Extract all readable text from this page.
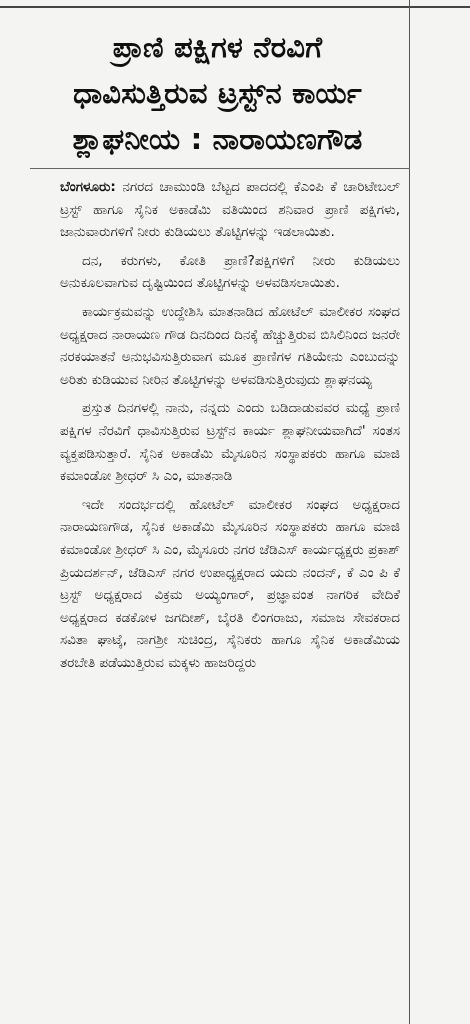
ಪ್ರಾಣಿ ಪಕ್ಷಿಗಳ ನೆರವಿಗೆ
ಧಾವಿಸುತ್ತಿರುವ ಟ್ರಸ್ಟ್‌ನ ಕಾರ್ಯ
ಶ್ಲಾಘನೀಯ : ನಾರಾಯಣಗೌಡ

ಬೆಂಗಳೂರು: ನಗರದ ಚಾಮುಂಡಿ ಬೆಟ್ಟದ ಪಾದದಲ್ಲಿ ಕೆಎಂಪಿ ಕೆ ಚಾರಿಟೇಬಲ್ ಟ್ರಸ್ಟ್ ಹಾಗೂ ಸೈನಿಕ ಅಕಾಡೆಮಿ ವತಿಯಿಂದ ಶನಿವಾರ ಪ್ರಾಣಿ ಪಕ್ಷಿಗಳು, ಜಾನುವಾರುಗಳಿಗೆ ನೀರು ಕುಡಿಯಲು ತೊಟ್ಟಿಗಳನ್ನು ಇಡಲಾಯಿತು.

ದನ, ಕರುಗಳು, ಕೋತಿ ಪ್ರಾಣಿ?ಪಕ್ಷಿಗಳಿಗೆ ನೀರು ಕುಡಿಯಲು ಅನುಕೂಲವಾಗುವ ದೃಷ್ಟಿಯಿಂದ ತೊಟ್ಟಿಗಳನ್ನು ಅಳವಡಿಸಲಾಯಿತು.

ಕಾರ್ಯಕ್ರಮವನ್ನು ಉದ್ದೇಶಿಸಿ ಮಾತನಾಡಿದ ಹೋಟೆಲ್ ಮಾಲೀಕರ ಸಂಘದ ಅಧ್ಯಕ್ಷರಾದ ನಾರಾಯಣ ಗೌಡ ದಿನದಿಂದ ದಿನಕ್ಕೆ ಹೆಚ್ಚುತ್ತಿರುವ ಬಿಸಿಲಿನಿಂದ ಜನರೇ ನರಕಯಾತನೆ ಅನುಭವಿಸುತ್ತಿರುವಾಗ ಮೂಕ ಪ್ರಾಣಿಗಳ ಗತಿಯೇನು ಎಂಬುದನ್ನು ಅರಿತು ಕುಡಿಯುವ ನೀರಿನ ತೊಟ್ಟಿಗಳನ್ನು ಅಳವಡಿಸುತ್ತಿರುವುದು ಶ್ಲಾಘನಯ್ಯ

ಪ್ರಸ್ತುತ ದಿನಗಳಲ್ಲಿ ನಾನು, ನನ್ನದು ಎಂದು ಬಡಿದಾಡುವವರ ಮಧ್ಯೆ ಪ್ರಾಣಿ ಪಕ್ಷಿಗಳ ನೆರವಿಗೆ ಧಾವಿಸುತ್ತಿರುವ ಟ್ರಸ್ಟ್‌ನ ಕಾರ್ಯ ಶ್ಲಾಘನೀಯವಾಗಿದೆ' ಸಂತಸ ವ್ಯಕ್ತಪಡಿಸುತ್ತಾರೆ. ಸೈನಿಕ ಅಕಾಡೆಮಿ ಮೈಸೂರಿನ ಸಂಸ್ಥಾಪಕರು ಹಾಗೂ ಮಾಜಿ ಕಮಾಂಡೋ ಶ್ರೀಧರ್ ಸಿ ಎಂ, ಮಾತನಾಡಿ

ಇದೇ ಸಂದರ್ಭದಲ್ಲಿ ಹೋಟೆಲ್ ಮಾಲೀಕರ ಸಂಘದ ಅಧ್ಯಕ್ಷರಾದ ನಾರಾಯಣಗೌಡ, ಸೈನಿಕ ಅಕಾಡೆಮಿ ಮೈಸೂರಿನ ಸಂಸ್ಥಾಪಕರು ಹಾಗೂ ಮಾಜಿ ಕಮಾಂಡೋ ಶ್ರೀಧರ್ ಸಿ ಎಂ, ಮೈಸೂರು ನಗರ ಜೆಡಿಎಸ್ ಕಾರ್ಯಧ್ಯಕ್ಷರು ಪ್ರಕಾಶ್ ಪ್ರಿಯದರ್ಶನ್, ಜೆಡಿಎಸ್ ನಗರ ಉಪಾಧ್ಯಕ್ಷರಾದ ಯದು ನಂದನ್, ಕೆ ಎಂ ಪಿ ಕೆ ಟ್ರಸ್ಟ್ ಅಧ್ಯಕ್ಷರಾದ ವಿಕ್ರಮ ಅಯ್ಯಂಗಾರ್, ಪ್ರಜ್ಞಾವಂತ ನಾಗರಿಕ ವೇದಿಕೆ ಅಧ್ಯಕ್ಷರಾದ ಕಡಕೋಳ ಜಗದೀಶ್, ಬೈರತಿ ಲಿಂಗರಾಜು, ಸಮಾಜ ಸೇವಕರಾದ ಸವಿತಾ ಘಾಟ್ಕೆ, ನಾಗಶ್ರೀ ಸುಚಿಂದ್ರ, ಸೈನಿಕರು ಹಾಗೂ ಸೈನಿಕ ಅಕಾಡೆಮಿಯ ತರಬೇತಿ ಪಡೆಯುತ್ತಿರುವ ಮಕ್ಕಳು ಹಾಜರಿದ್ದರು
